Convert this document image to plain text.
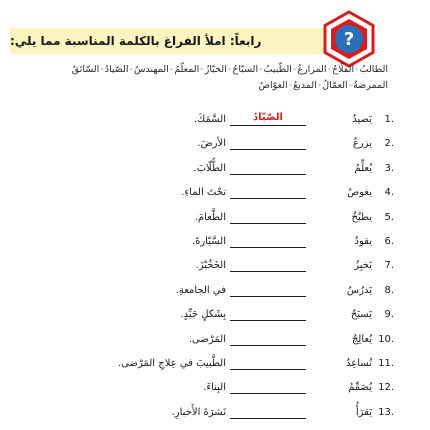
رابعاً: املأ الفراغ بالكلمة المناسبة مما يلي:	?
الطالبُ-الفلّاحُ-المزارعُ-الطّبيبُ-السبّاحُ-الخبّازُ-المعلّمُ-المهندسُ-الصّيادُ-السّائقُ
الممرضةُ-العمّالُ-المذيعُ-الغوّاصُ
1.
يَصيدُ
الصّيّادُ
السَّمَكَ.
2.
يزرعُ
الأرضَ.
3.
يُعلِّمُ
الطُّلّابَ.
4.
يغوصُ
تحْتَ الماءِ.
5.
يطبُخُ
الطَّعامَ.
6.
يقودُ
السَّيّارةَ.
7.
يَخبِزُ
الخَخُبْزَ.
8.
يَدرُسُ
في الجامعةِ.
9.
يَسبَحُ
بِشَكلٍ جَيِّدٍ.
10.
يُعالِجُ
المَرْضى.
11.
تُساعِدُ
الطَّبيبَ في عِلاجِ المَرْضى.
12.
يُصَمِّمُ
البِناءَ.
13.
يَقرَأُ
نَشرَةَ الأَخبارِ.
